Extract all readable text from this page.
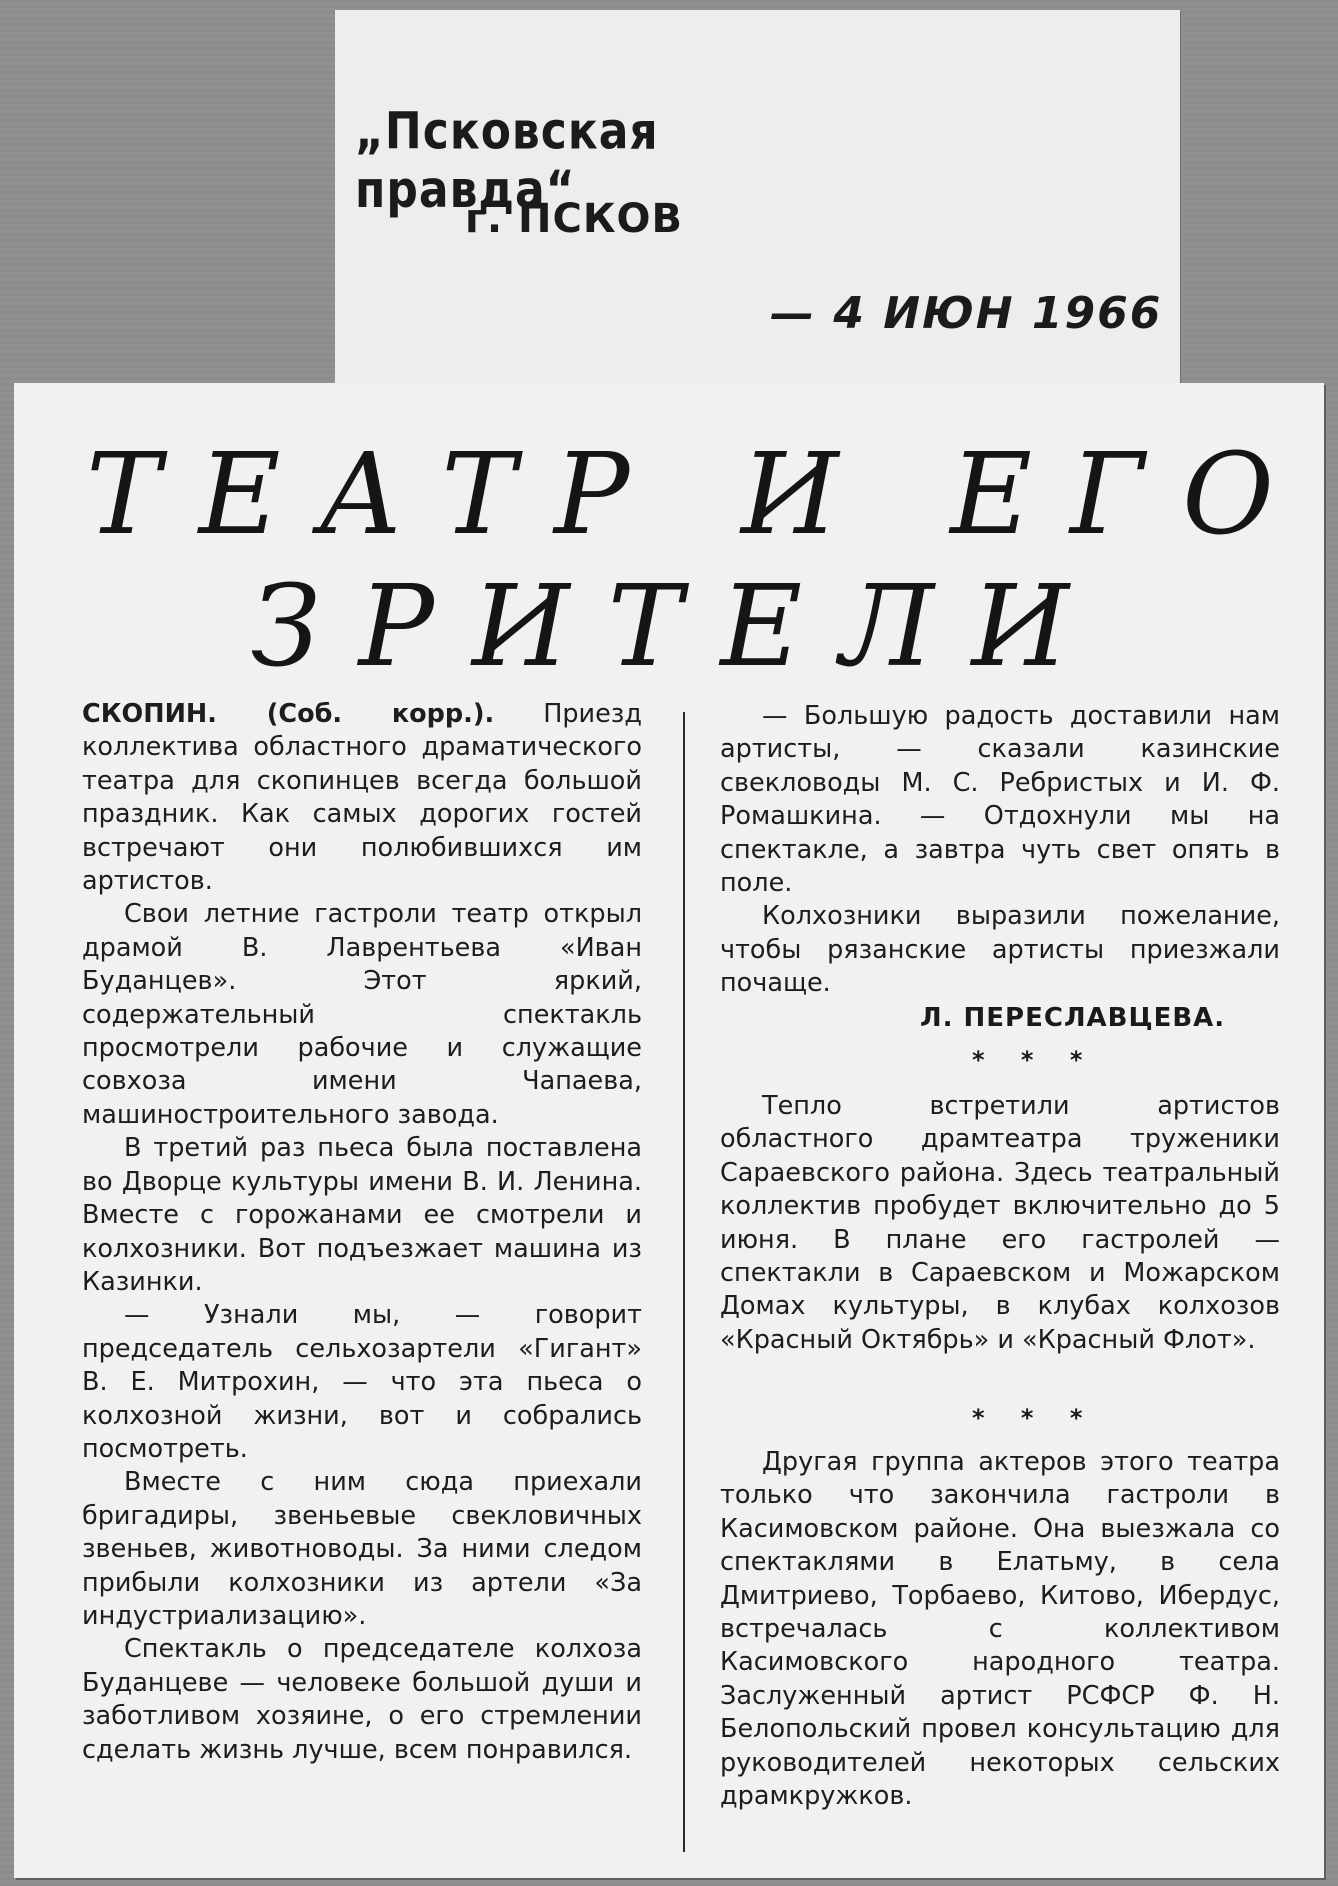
„Псковская правда“
г. ПСКОВ
— 4 ИЮН 1966
ТЕАТР И ЕГО
ЗРИТЕЛИ

СКОПИН. (Соб. корр.). Приезд коллектива областного драматического театра для скопинцев всегда большой праздник. Как самых дорогих гостей встречают они полюбившихся им артистов.

Свои летние гастроли театр открыл драмой В. Лаврентьева «Иван Буданцев». Этот яркий, содержательный спектакль просмотрели рабочие и служащие совхоза имени Чапаева, машиностроительного завода.

В третий раз пьеса была поставлена во Дворце культуры имени В. И. Ленина. Вместе с горожанами ее смотрели и колхозники. Вот подъезжает машина из Казинки.

— Узнали мы, — говорит председатель сельхозартели «Гигант» В. Е. Митрохин, — что эта пьеса о колхозной жизни, вот и собрались посмотреть.

Вместе с ним сюда приехали бригадиры, звеньевые свекловичных звеньев, животноводы. За ними следом прибыли колхозники из артели «За индустриализацию».

Спектакль о председателе колхоза Буданцеве — человеке большой души и заботливом хозяине, о его стремлении сделать жизнь лучше, всем понравился.

— Большую радость доставили нам артисты, — сказали казинские свекловоды М. С. Ребристых и И. Ф. Ромашкина. — Отдохнули мы на спектакле, а завтра чуть свет опять в поле.

Колхозники выразили пожелание, чтобы рязанские артисты приезжали почаще.

Л. ПЕРЕСЛАВЦЕВА.
* * *

Тепло встретили артистов областного драмтеатра труженики Сараевского района. Здесь театральный коллектив пробудет включительно до 5 июня. В плане его гастролей — спектакли в Сараевском и Можарском Домах культуры, в клубах колхозов «Красный Октябрь» и «Красный Флот».

* * *

Другая группа актеров этого театра только что закончила гастроли в Касимовском районе. Она выезжала со спектаклями в Елатьму, в села Дмитриево, Торбаево, Китово, Ибердус, встречалась с коллективом Касимовского народного театра. Заслуженный артист РСФСР Ф. Н. Белопольский провел консультацию для руководителей некоторых сельских драмкружков.
